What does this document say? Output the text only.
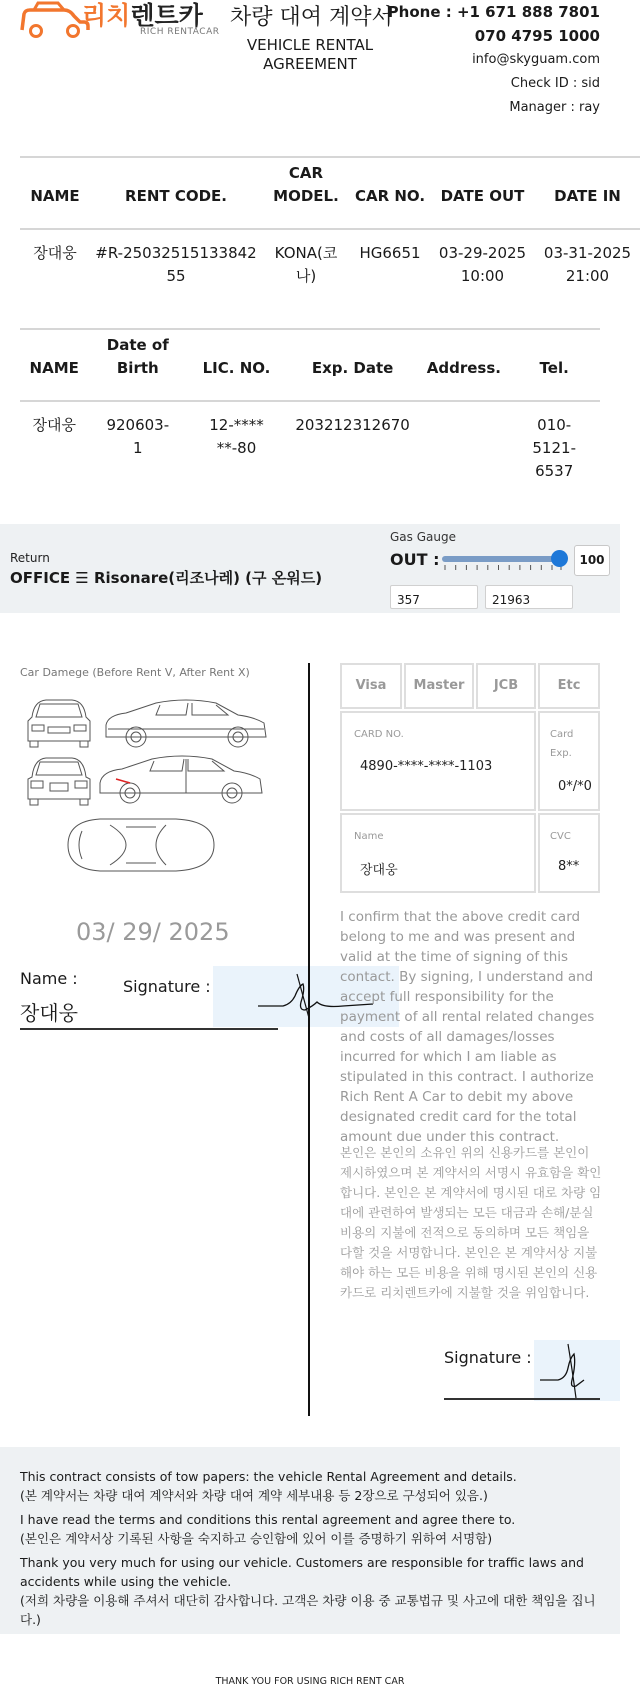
리치렌트카
RICH RENTACAR
차량 대여 계약서
VEHICLE RENTAL AGREEMENT
Phone : +1 671 888 7801
070 4795 1000
info@skyguam.com
Check ID : sid
Manager : ray
NAME	RENT CODE.	CAR MODEL.	CAR NO.	DATE OUT	DATE IN
장대웅	#R-2503251513384255	KONA(코나)	HG6651	03-29-2025 10:00	03-31-2025 21:00
NAME	Date of Birth	LIC. NO.	Exp. Date	Address.	Tel.
장대웅	920603-1	12-******-80	203212312670		010-5121-6537
Return
OFFICE ☰ Risonare(리조나레) (구 온워드)
Gas Gauge
OUT :	100
357	21963
Car Damege (Before Rent V, After Rent X)
03/ 29/ 2025
Name :
장대웅
Signature :
Visa	Master	JCB	Etc
CARD NO.
4890-****-****-1103
Card Exp.
0*/*0
Name
장대웅
CVC
8**
I confirm that the above credit card belong to me and was present and valid at the time of signing of this contact. By signing, I understand and accept full responsibility for the payment of all rental related changes and costs of all damages/losses incurred for which I am liable as stipulated in this contract. I authorize Rich Rent A Car to debit my above designated credit card for the total amount due under this contract.
본인은 본인의 소유인 위의 신용카드를 본인이 제시하였으며 본 계약서의 서명시 유효함을 확인합니다. 본인은 본 계약서에 명시된 대로 차량 임대에 관련하여 발생되는 모든 대금과 손해/분실비용의 지불에 전적으로 동의하며 모든 책임을 다할 것을 서명합니다. 본인은 본 계약서상 지불해야 하는 모든 비용을 위해 명시된 본인의 신용카드로 리치렌트카에 지불할 것을 위임합니다.
Signature :

This contract consists of tow papers: the vehicle Rental Agreement and details.
(본 계약서는 차량 대여 계약서와 차량 대여 계약 세부내용 등 2장으로 구성되어 있음.)

I have read the terms and conditions this rental agreement and agree there to.
(본인은 계약서상 기록된 사항을 숙지하고 승인함에 있어 이를 증명하기 위하여 서명함)

Thank you very much for using our vehicle. Customers are responsible for traffic laws and accidents while using the vehicle.
(저희 차량을 이용해 주셔서 대단히 감사합니다. 고객은 차량 이용 중 교통법규 및 사고에 대한 책임을 집니다.)

THANK YOU FOR USING RICH RENT CAR
